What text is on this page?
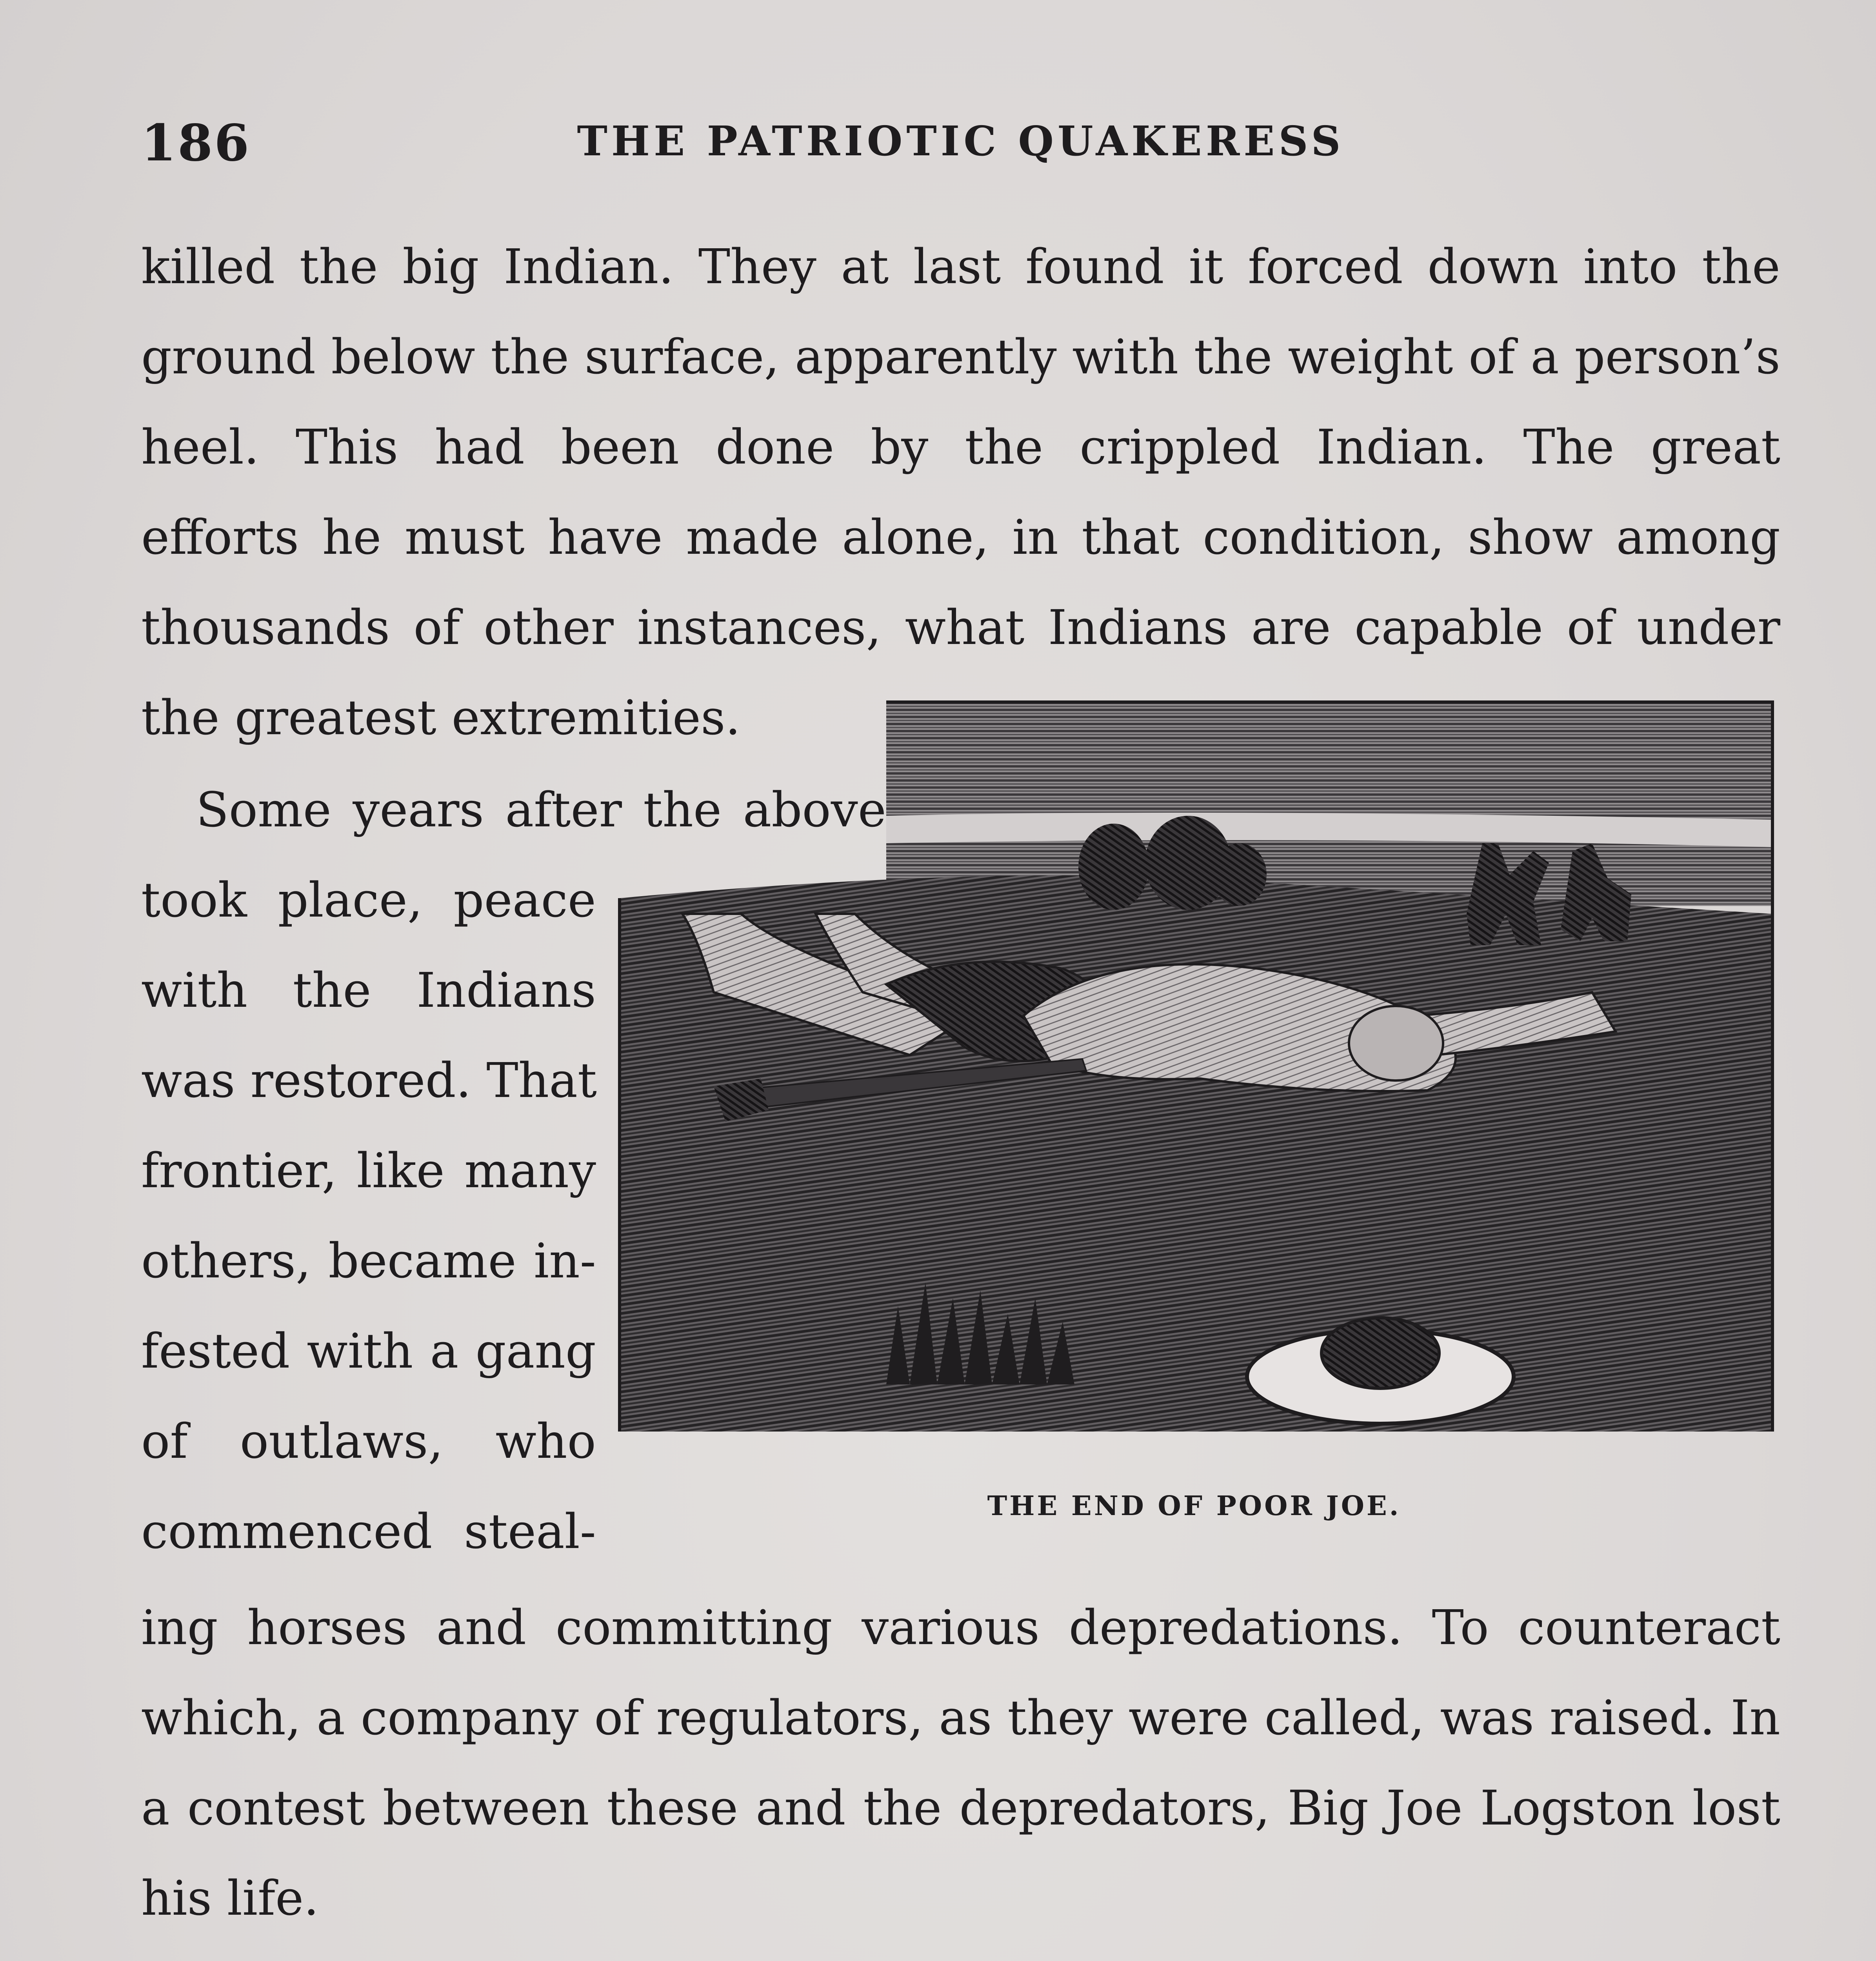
186	THE PATRIOTIC QUAKERESS

killed the big Indian. They at last found it forced down into the
ground below the surface, apparently with the weight of a person’s
heel. This had been done by the crippled Indian. The great
efforts he must have made alone, in that condition, show among
thousands of other instances, what Indians are capable of under
the greatest extremities.

Some years after the above
took place, peace
with the Indians
was restored. That
frontier, like many
others, became in-
fested with a gang
of outlaws, who
commenced steal-	THE END OF POOR JOE.

ing horses and committing various depredations. To counteract
which, a company of regulators, as they were called, was raised. In
a contest between these and the depredators, Big Joe Logston lost
his life.
